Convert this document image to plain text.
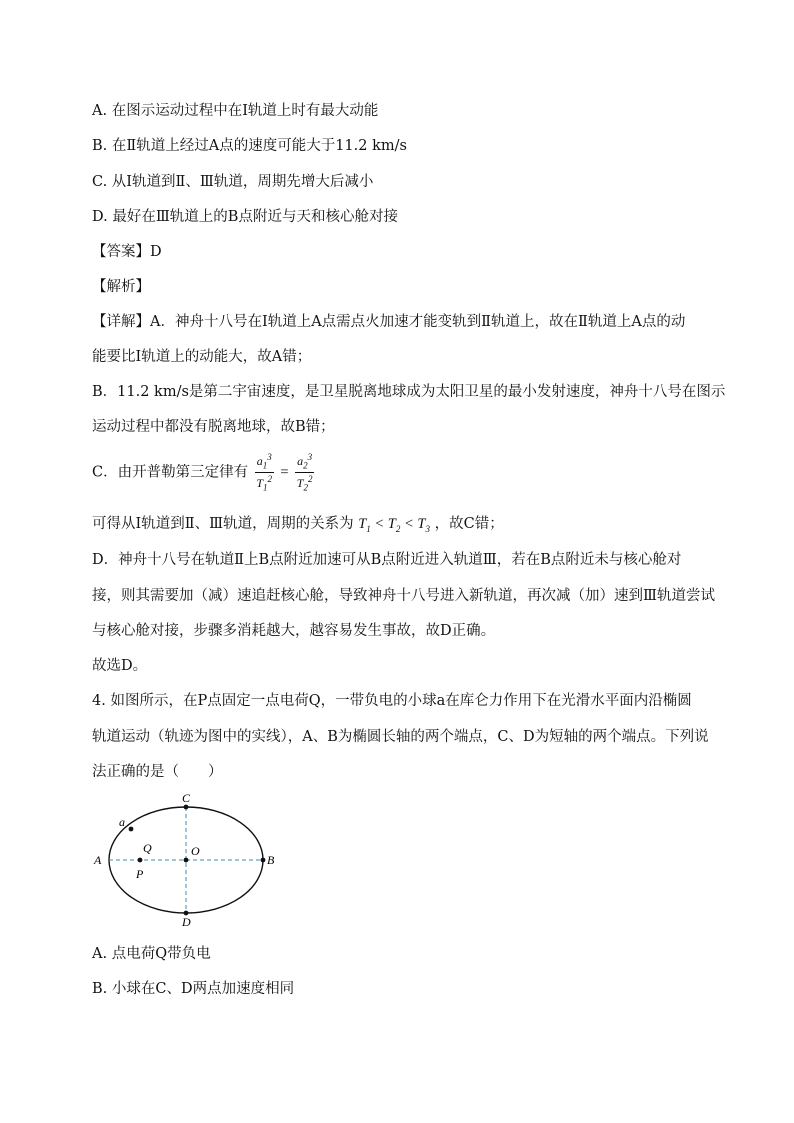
A. 在图示运动过程中在Ⅰ轨道上时有最大动能
B. 在Ⅱ轨道上经过A点的速度可能大于11.2 km/s
C. 从Ⅰ轨道到Ⅱ、Ⅲ轨道，周期先增大后减小
D. 最好在Ⅲ轨道上的B点附近与天和核心舱对接
【答案】D
【解析】
【详解】A．神舟十八号在Ⅰ轨道上A点需点火加速才能变轨到Ⅱ轨道上，故在Ⅱ轨道上A点的动
能要比Ⅰ轨道上的动能大，故A错；
B．11.2 km/s是第二宇宙速度，是卫星脱离地球成为太阳卫星的最小发射速度，神舟十八号在图示
运动过程中都没有脱离地球，故B错；
C．由开普勒第三定律有 $\frac{a_1^3}{T_1^2} = \frac{a_2^3}{T_2^2}$
可得从Ⅰ轨道到Ⅱ、Ⅲ轨道，周期的关系为 $T_1 < T_2 < T_3$ ，故C错；
D．神舟十八号在轨道Ⅱ上B点附近加速可从B点附近进入轨道Ⅲ，若在B点附近未与核心舱对
接，则其需要加（减）速追赶核心舱，导致神舟十八号进入新轨道，再次减（加）速到Ⅲ轨道尝试
与核心舱对接，步骤多消耗越大，越容易发生事故，故D正确。
故选D。
4. 如图所示，在P点固定一点电荷Q，一带负电的小球a在库仑力作用下在光滑水平面内沿椭圆
轨道运动（轨迹为图中的实线），A、B为椭圆长轴的两个端点，C、D为短轴的两个端点。下列说
法正确的是（　　）
C
D
A	B
O
Q
P
a
A. 点电荷Q带负电
B. 小球在C、D两点加速度相同
